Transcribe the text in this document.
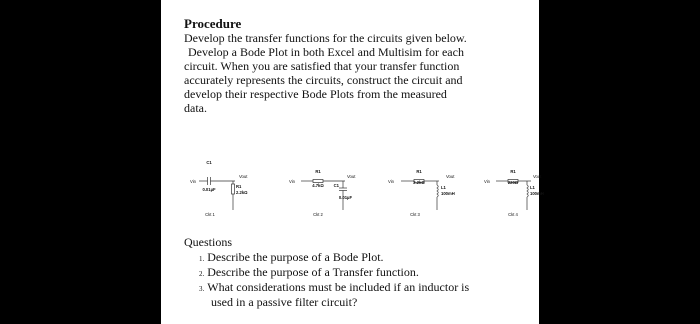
Procedure
Develop the transfer functions for the circuits given below.
Develop a Bode Plot in both Excel and Multisim for each
circuit. When you are satisfied that your transfer function
accurately represents the circuits, construct the circuit and
develop their respective Bode Plots from the measured
data.
C1
Vin
0.01µF
Vout
R1
2.2kΩ
Ckt 1
R1
Vin
4.7kΩ
Vout
C1
0.01µF
Ckt 2
R1
Vin	2.2kΩ
Vout
L1
100mH
Ckt 3
R1
Vin	220Ω
Vout
L1
100mH
Ckt 4
Questions
1. Describe the purpose of a Bode Plot.
2. Describe the purpose of a Transfer function.
3. What considerations must be included if an inductor is
used in a passive filter circuit?
